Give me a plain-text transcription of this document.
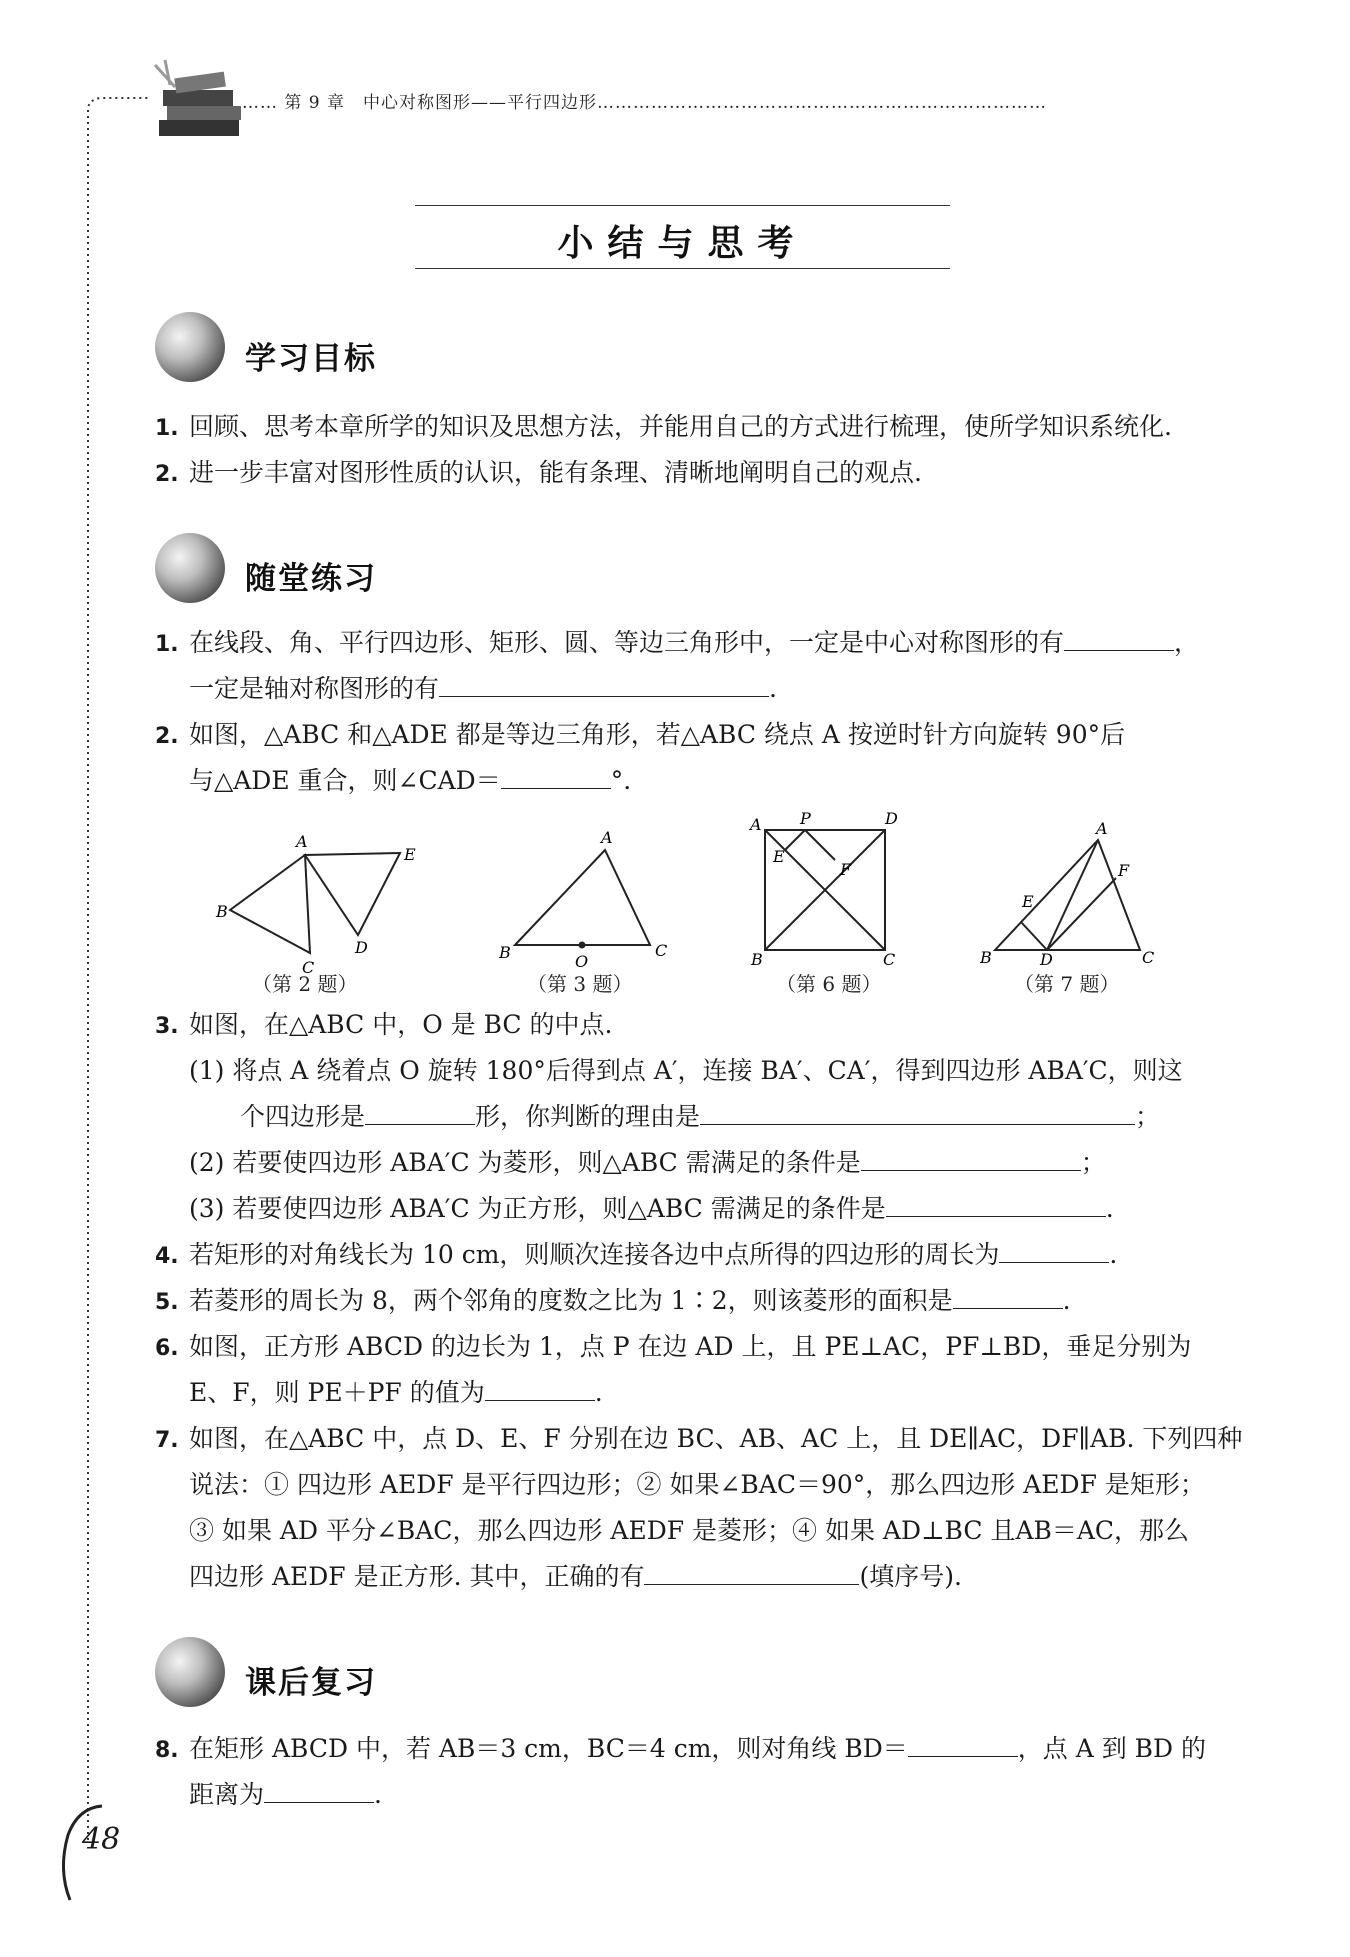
…… 第 9 章　中心对称图形——平行四边形…………………………………………………………………
小结与思考
学习目标
1. 回顾、思考本章所学的知识及思想方法，并能用自己的方式进行梳理，使所学知识系统化.
2. 进一步丰富对图形性质的认识，能有条理、清晰地阐明自己的观点.
随堂练习
1. 在线段、角、平行四边形、矩形、圆、等边三角形中，一定是中心对称图形的有	，
一定是轴对称图形的有	.
2. 如图，△ABC 和△ADE 都是等边三角形，若△ABC 绕点 A 按逆时针方向旋转 90°后
与△ADE 重合，则∠CAD＝	°.
A
B
C
D
E
（第 2 题）
A
B	C
O
（第 3 题）
A P	D
E
F
B	C
（第 6 题）
A
B	C
D
E
F
（第 7 题）
3. 如图，在△ABC 中，O 是 BC 的中点.
(1) 将点 A 绕着点 O 旋转 180°后得到点 A′，连接 BA′、CA′，得到四边形 ABA′C，则这
个四边形是	形，你判断的理由是	；
(2) 若要使四边形 ABA′C 为菱形，则△ABC 需满足的条件是	；
(3) 若要使四边形 ABA′C 为正方形，则△ABC 需满足的条件是	.
4. 若矩形的对角线长为 10 cm，则顺次连接各边中点所得的四边形的周长为	.
5. 若菱形的周长为 8，两个邻角的度数之比为 1∶2，则该菱形的面积是	.
6. 如图，正方形 ABCD 的边长为 1，点 P 在边 AD 上，且 PE⊥AC，PF⊥BD，垂足分别为
E、F，则 PE＋PF 的值为	.
7. 如图，在△ABC 中，点 D、E、F 分别在边 BC、AB、AC 上，且 DE∥AC，DF∥AB. 下列四种
说法：① 四边形 AEDF 是平行四边形；② 如果∠BAC＝90°，那么四边形 AEDF 是矩形；
③ 如果 AD 平分∠BAC，那么四边形 AEDF 是菱形；④ 如果 AD⊥BC 且AB＝AC，那么
四边形 AEDF 是正方形. 其中，正确的有	(填序号).
课后复习
8. 在矩形 ABCD 中，若 AB＝3 cm，BC＝4 cm，则对角线 BD＝	，点 A 到 BD 的
距离为	.
48
